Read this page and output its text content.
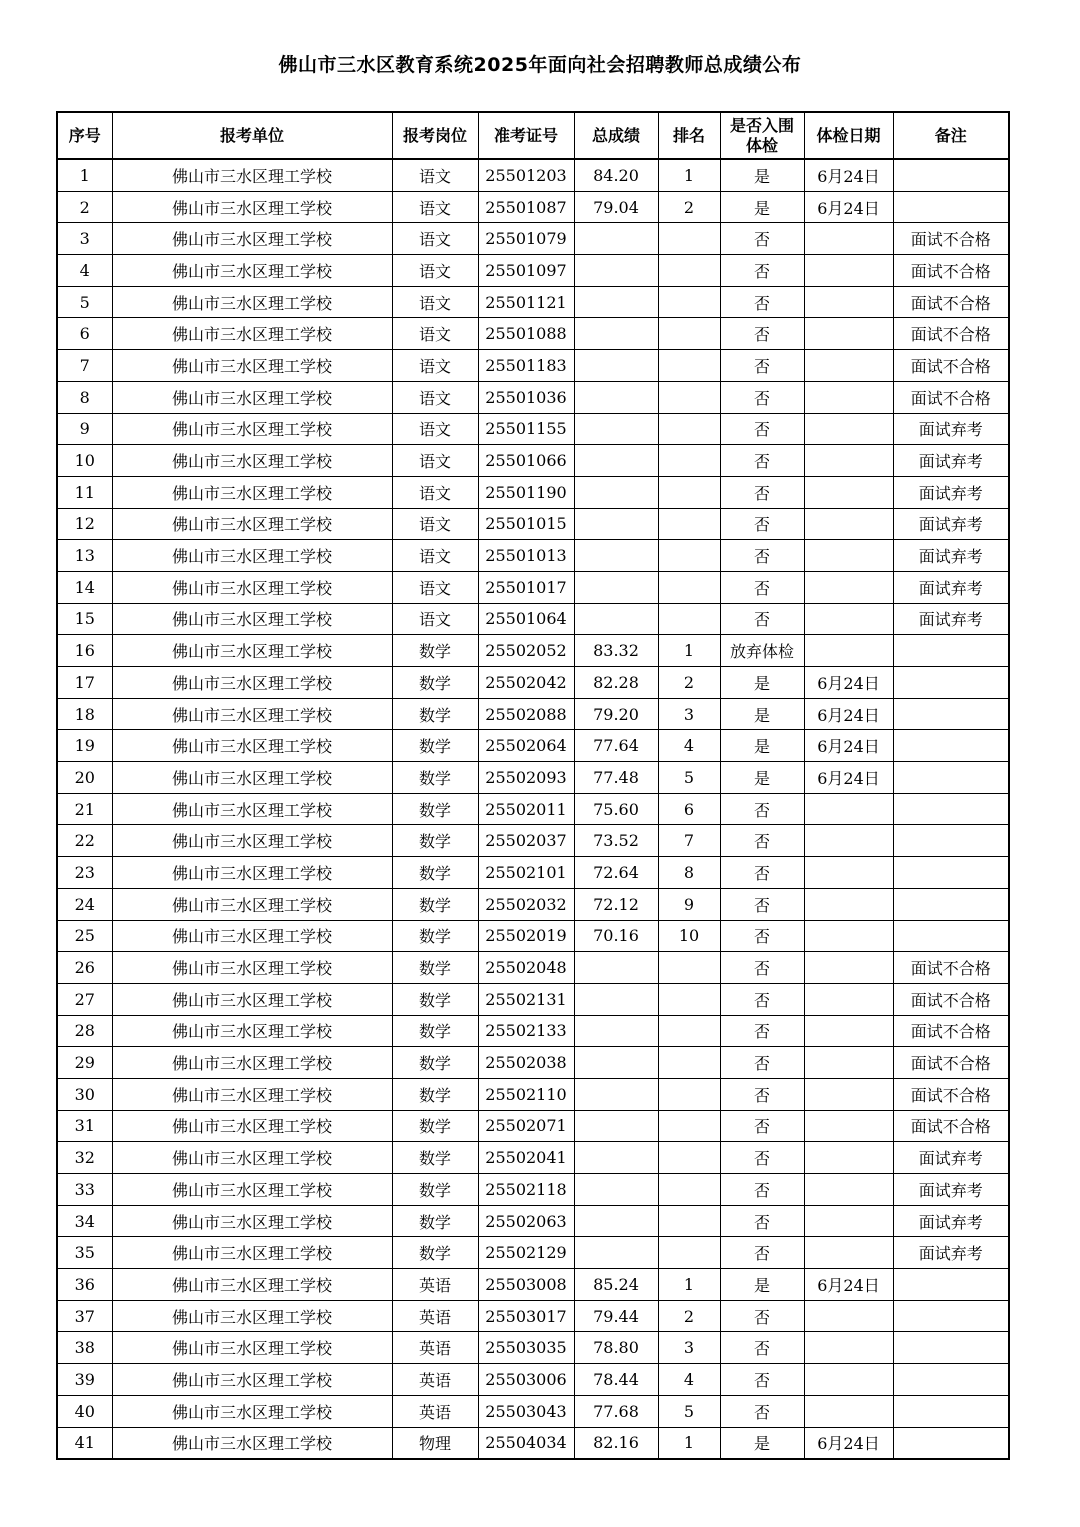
佛山市三水区教育系统2025年面向社会招聘教师总成绩公布
序号	报考单位	报考岗位	准考证号	总成绩	排名	是否入围体检	体检日期	备注
1	佛山市三水区理工学校	语文	25501203	84.20	1	是	6月24日	
2	佛山市三水区理工学校	语文	25501087	79.04	2	是	6月24日	
3	佛山市三水区理工学校	语文	25501079			否		面试不合格
4	佛山市三水区理工学校	语文	25501097			否		面试不合格
5	佛山市三水区理工学校	语文	25501121			否		面试不合格
6	佛山市三水区理工学校	语文	25501088			否		面试不合格
7	佛山市三水区理工学校	语文	25501183			否		面试不合格
8	佛山市三水区理工学校	语文	25501036			否		面试不合格
9	佛山市三水区理工学校	语文	25501155			否		面试弃考
10	佛山市三水区理工学校	语文	25501066			否		面试弃考
11	佛山市三水区理工学校	语文	25501190			否		面试弃考
12	佛山市三水区理工学校	语文	25501015			否		面试弃考
13	佛山市三水区理工学校	语文	25501013			否		面试弃考
14	佛山市三水区理工学校	语文	25501017			否		面试弃考
15	佛山市三水区理工学校	语文	25501064			否		面试弃考
16	佛山市三水区理工学校	数学	25502052	83.32	1	放弃体检		
17	佛山市三水区理工学校	数学	25502042	82.28	2	是	6月24日	
18	佛山市三水区理工学校	数学	25502088	79.20	3	是	6月24日	
19	佛山市三水区理工学校	数学	25502064	77.64	4	是	6月24日	
20	佛山市三水区理工学校	数学	25502093	77.48	5	是	6月24日	
21	佛山市三水区理工学校	数学	25502011	75.60	6	否		
22	佛山市三水区理工学校	数学	25502037	73.52	7	否		
23	佛山市三水区理工学校	数学	25502101	72.64	8	否		
24	佛山市三水区理工学校	数学	25502032	72.12	9	否		
25	佛山市三水区理工学校	数学	25502019	70.16	10	否		
26	佛山市三水区理工学校	数学	25502048			否		面试不合格
27	佛山市三水区理工学校	数学	25502131			否		面试不合格
28	佛山市三水区理工学校	数学	25502133			否		面试不合格
29	佛山市三水区理工学校	数学	25502038			否		面试不合格
30	佛山市三水区理工学校	数学	25502110			否		面试不合格
31	佛山市三水区理工学校	数学	25502071			否		面试不合格
32	佛山市三水区理工学校	数学	25502041			否		面试弃考
33	佛山市三水区理工学校	数学	25502118			否		面试弃考
34	佛山市三水区理工学校	数学	25502063			否		面试弃考
35	佛山市三水区理工学校	数学	25502129			否		面试弃考
36	佛山市三水区理工学校	英语	25503008	85.24	1	是	6月24日	
37	佛山市三水区理工学校	英语	25503017	79.44	2	否		
38	佛山市三水区理工学校	英语	25503035	78.80	3	否		
39	佛山市三水区理工学校	英语	25503006	78.44	4	否		
40	佛山市三水区理工学校	英语	25503043	77.68	5	否		
41	佛山市三水区理工学校	物理	25504034	82.16	1	是	6月24日	
